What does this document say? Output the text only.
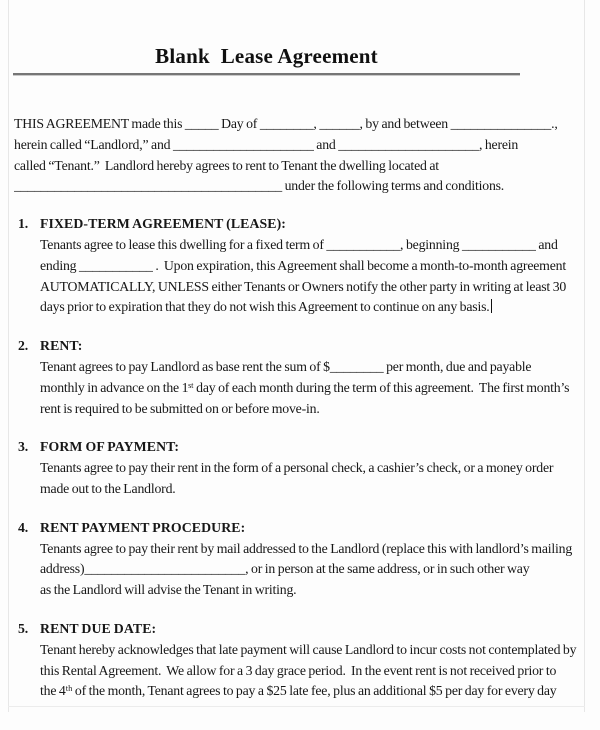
Blank  Lease Agreement
THIS AGREEMENT made this _____ Day of ________, ______, by and between _______________.,
herein called “Landlord,” and _____________________ and _____________________, herein
called “Tenant.”  Landlord hereby agrees to rent to Tenant the dwelling located at
________________________________________ under the following terms and conditions.
1. FIXED-TERM AGREEMENT (LEASE):
Tenants agree to lease this dwelling for a fixed term of ___________, beginning ___________ and
ending ___________ .  Upon expiration, this Agreement shall become a month-to-month agreement
AUTOMATICALLY, UNLESS either Tenants or Owners notify the other party in writing at least 30
days prior to expiration that they do not wish this Agreement to continue on any basis.
2. RENT:
Tenant agrees to pay Landlord as base rent the sum of $________ per month, due and payable
monthly in advance on the 1ˢᵗ day of each month during the term of this agreement.  The first month’s
rent is required to be submitted on or before move-in.
3. FORM OF PAYMENT:
Tenants agree to pay their rent in the form of a personal check, a cashier’s check, or a money order
made out to the Landlord.
4. RENT PAYMENT PROCEDURE:
Tenants agree to pay their rent by mail addressed to the Landlord (replace this with landlord’s mailing
address)________________________, or in person at the same address, or in such other way
as the Landlord will advise the Tenant in writing.
5. RENT DUE DATE:
Tenant hereby acknowledges that late payment will cause Landlord to incur costs not contemplated by
this Rental Agreement.  We allow for a 3 day grace period.  In the event rent is not received prior to
the 4ᵗʰ of the month, Tenant agrees to pay a $25 late fee, plus an additional $5 per day for every day
